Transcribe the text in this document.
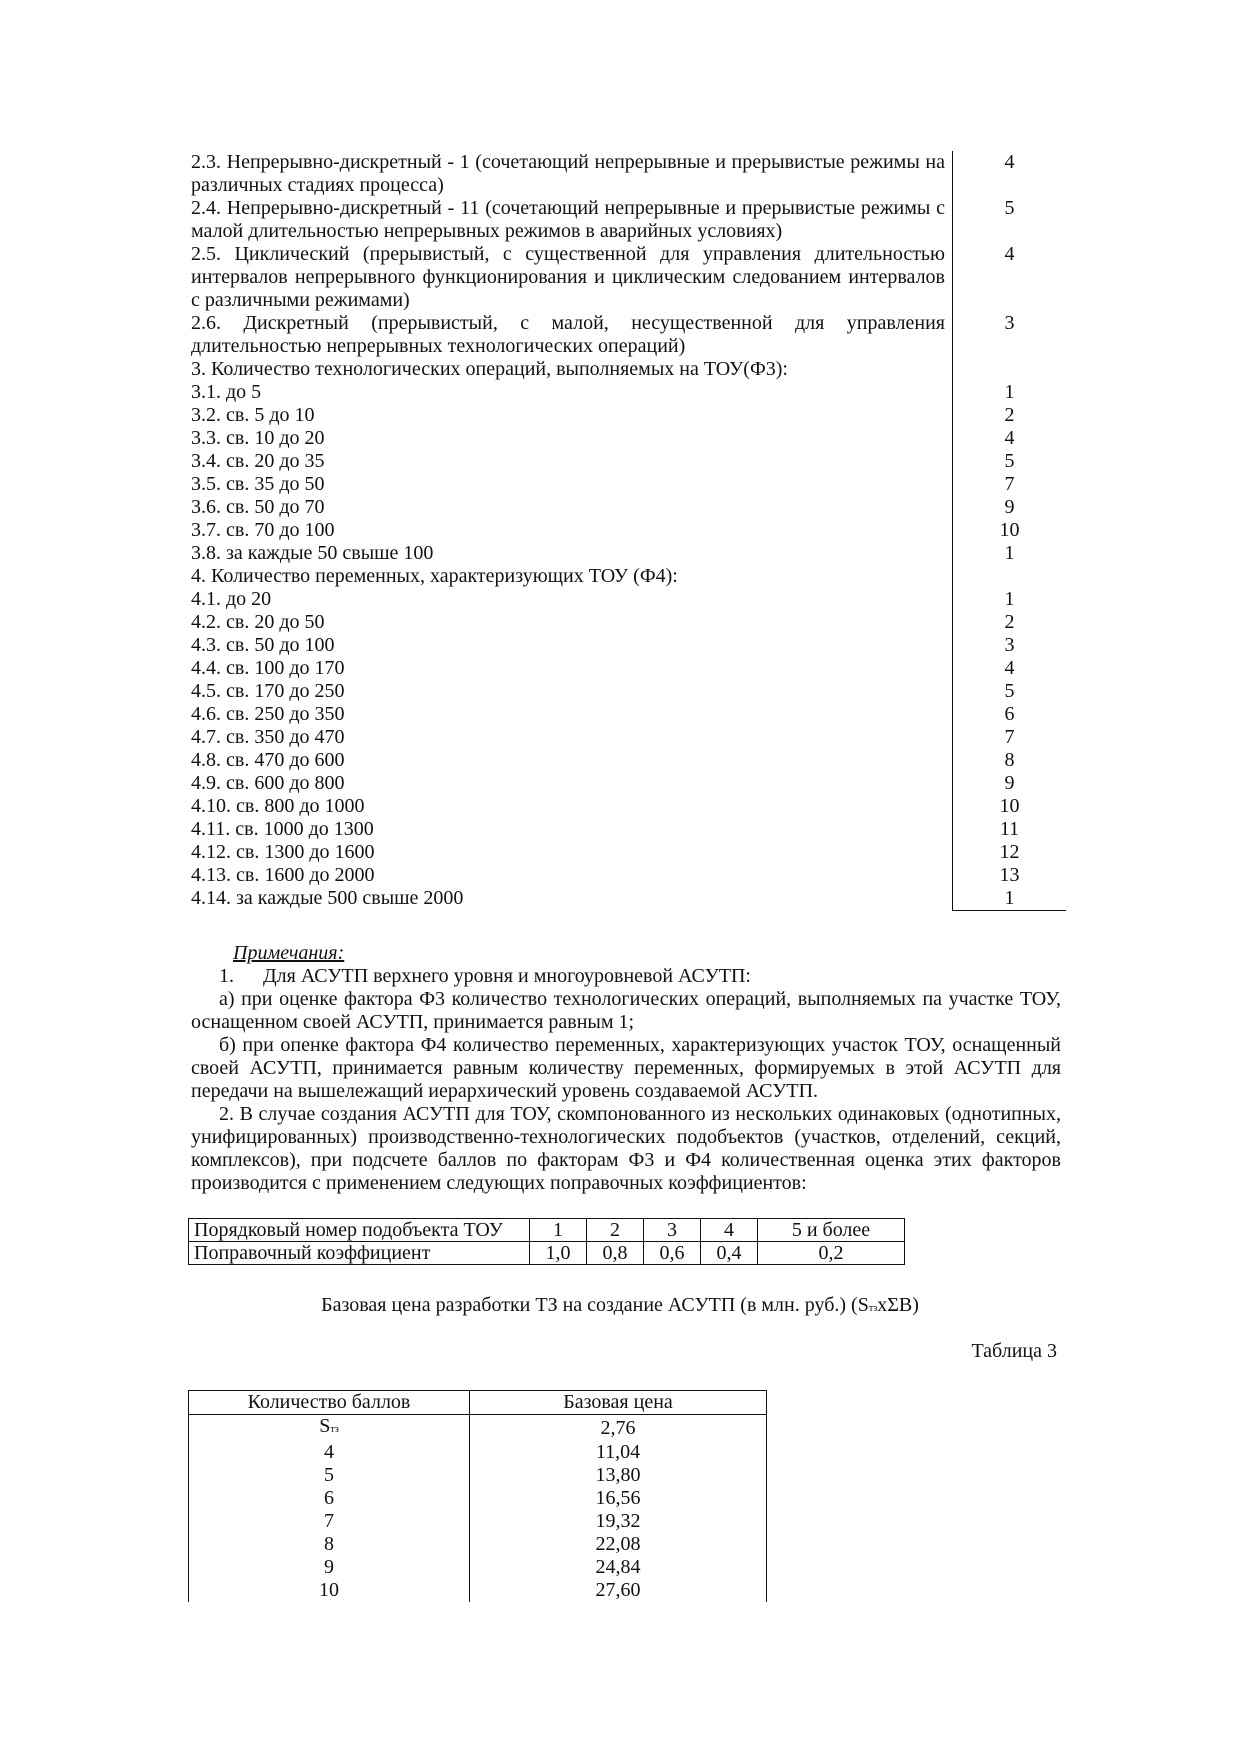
2.3. Непрерывно-дискретный - 1 (сочетающий непрерывные и прерывистые режимы на различных стадиях процесса)	4
2.4. Непрерывно-дискретный - 11 (сочетающий непрерывные и прерывистые режимы с малой длительностью непрерывных режимов в аварийных условиях)	5
2.5. Циклический (прерывистый, с существенной для управления длительностью интервалов непрерывного функционирования и циклическим следованием интервалов с различными режимами)	4
2.6. Дискретный (прерывистый, с малой, несущественной для управления длительностью непрерывных технологических операций)	3
3. Количество технологических операций, выполняемых на ТОУ(Ф3):	
3.1. до 5	1
3.2. св. 5 до 10	2
3.3. св. 10 до 20	4
3.4. св. 20 до 35	5
3.5. св. 35 до 50	7
3.6. св. 50 до 70	9
3.7. св. 70 до 100	10
3.8. за каждые 50 свыше 100	1
4. Количество переменных, характеризующих ТОУ (Ф4):	
4.1. до 20	1
4.2. св. 20 до 50	2
4.3. св. 50 до 100	3
4.4. св. 100 до 170	4
4.5. св. 170 до 250	5
4.6. св. 250 до 350	6
4.7. св. 350 до 470	7
4.8. св. 470 до 600	8
4.9. св. 600 до 800	9
4.10. св. 800 до 1000	10
4.11. св. 1000 до 1300	11
4.12. св. 1300 до 1600	12
4.13. св. 1600 до 2000	13
4.14. за каждые 500 свыше 2000	1
Примечания:
1. Для АСУТП верхнего уровня и многоуровневой АСУТП:

а) при оценке фактора Ф3 количество технологических операций, выполняемых па участке ТОУ, оснащенном своей АСУТП, принимается равным 1;

б) при опенке фактора Ф4 количество переменных, характеризующих участок ТОУ, оснащенный своей АСУТП, принимается равным количеству переменных, формируемых в этой АСУТП для передачи на вышележащий иерархический уровень создаваемой АСУТП.

2. В случае создания АСУТП для ТОУ, скомпонованного из нескольких одинаковых (однотипных, унифицированных) производственно-технологических подобъектов (участков, отделений, секций, комплексов), при подсчете баллов по факторам Ф3 и Ф4 количественная оценка этих факторов производится с применением следующих поправочных коэффициентов:

Порядковый номер подобъекта ТОУ	1	2	3	4	5 и более
Поправочный коэффициент	1,0	0,8	0,6	0,4	0,2
Базовая цена разработки ТЗ на создание АСУТП (в млн. руб.) (SтзxΣB)
Таблица 3
Количество баллов	Базовая цена
Sтз	2,76
4	11,04
5	13,80
6	16,56
7	19,32
8	22,08
9	24,84
10	27,60
